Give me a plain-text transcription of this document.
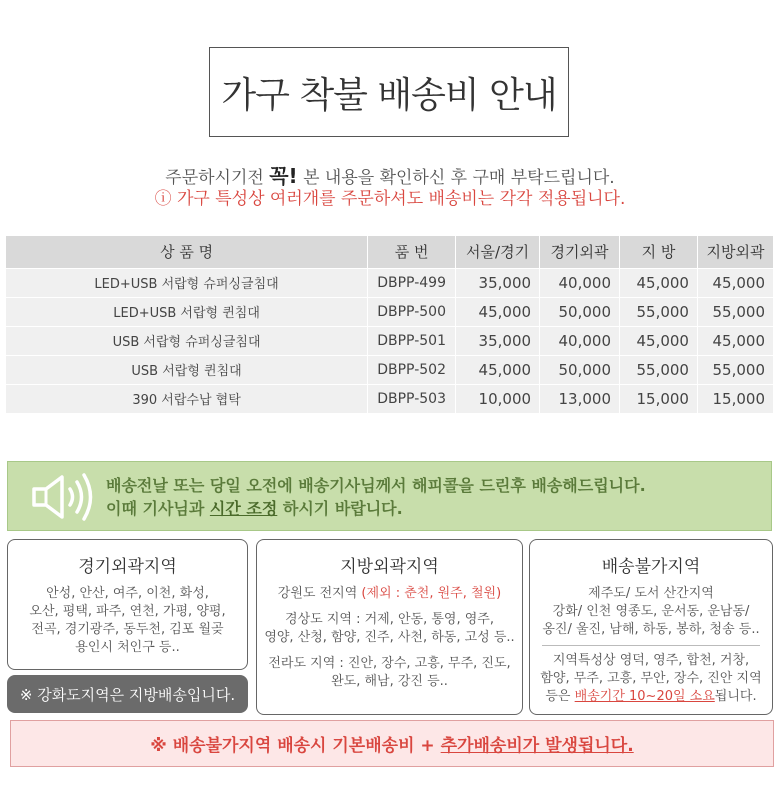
가구 착불 배송비 안내
주문하시기전 꼭! 본 내용을 확인하신 후 구매 부탁드립니다.
ⓘ 가구 특성상 여러개를 주문하셔도 배송비는 각각 적용됩니다.
상 품 명	품 번	서울/경기	경기외곽	지 방	지방외곽
LED+USB 서랍형 슈퍼싱글침대	DBPP-499	35,000	40,000	45,000	45,000
LED+USB 서랍형 퀸침대	DBPP-500	45,000	50,000	55,000	55,000
USB 서랍형 슈퍼싱글침대	DBPP-501	35,000	40,000	45,000	45,000
USB 서랍형 퀸침대	DBPP-502	45,000	50,000	55,000	55,000
390 서랍수납 협탁	DBPP-503	10,000	13,000	15,000	15,000
배송전날 또는 당일 오전에 배송기사님께서 해피콜을 드린후 배송해드립니다.
이때 기사님과 시간 조정 하시기 바랍니다.
경기외곽지역

안성, 안산, 여주, 이천, 화성,

오산, 평택, 파주, 연천, 가평, 양평,

전곡, 경기광주, 동두천, 김포 월곶

용인시 처인구 등..

※ 강화도지역은 지방배송입니다.
지방외곽지역

강원도 전지역 (제외 : 춘천, 원주, 철원)

경상도 지역 : 거제, 안동, 통영, 영주,

영양, 산청, 함양, 진주, 사천, 하동, 고성 등..

전라도 지역 : 진안, 장수, 고흥, 무주, 진도,

완도, 해남, 강진 등..

배송불가지역

제주도/ 도서 산간지역

강화/ 인천 영종도, 운서동, 운남동/

옹진/ 울진, 남해, 하동, 봉하, 청송 등..

지역특성상 영덕, 영주, 합천, 거창,

함양, 무주, 고흥, 무안, 장수, 진안 지역

등은 배송기간 10~20일 소요됩니다.

※ 배송불가지역 배송시 기본배송비 + 추가배송비가 발생됩니다.
